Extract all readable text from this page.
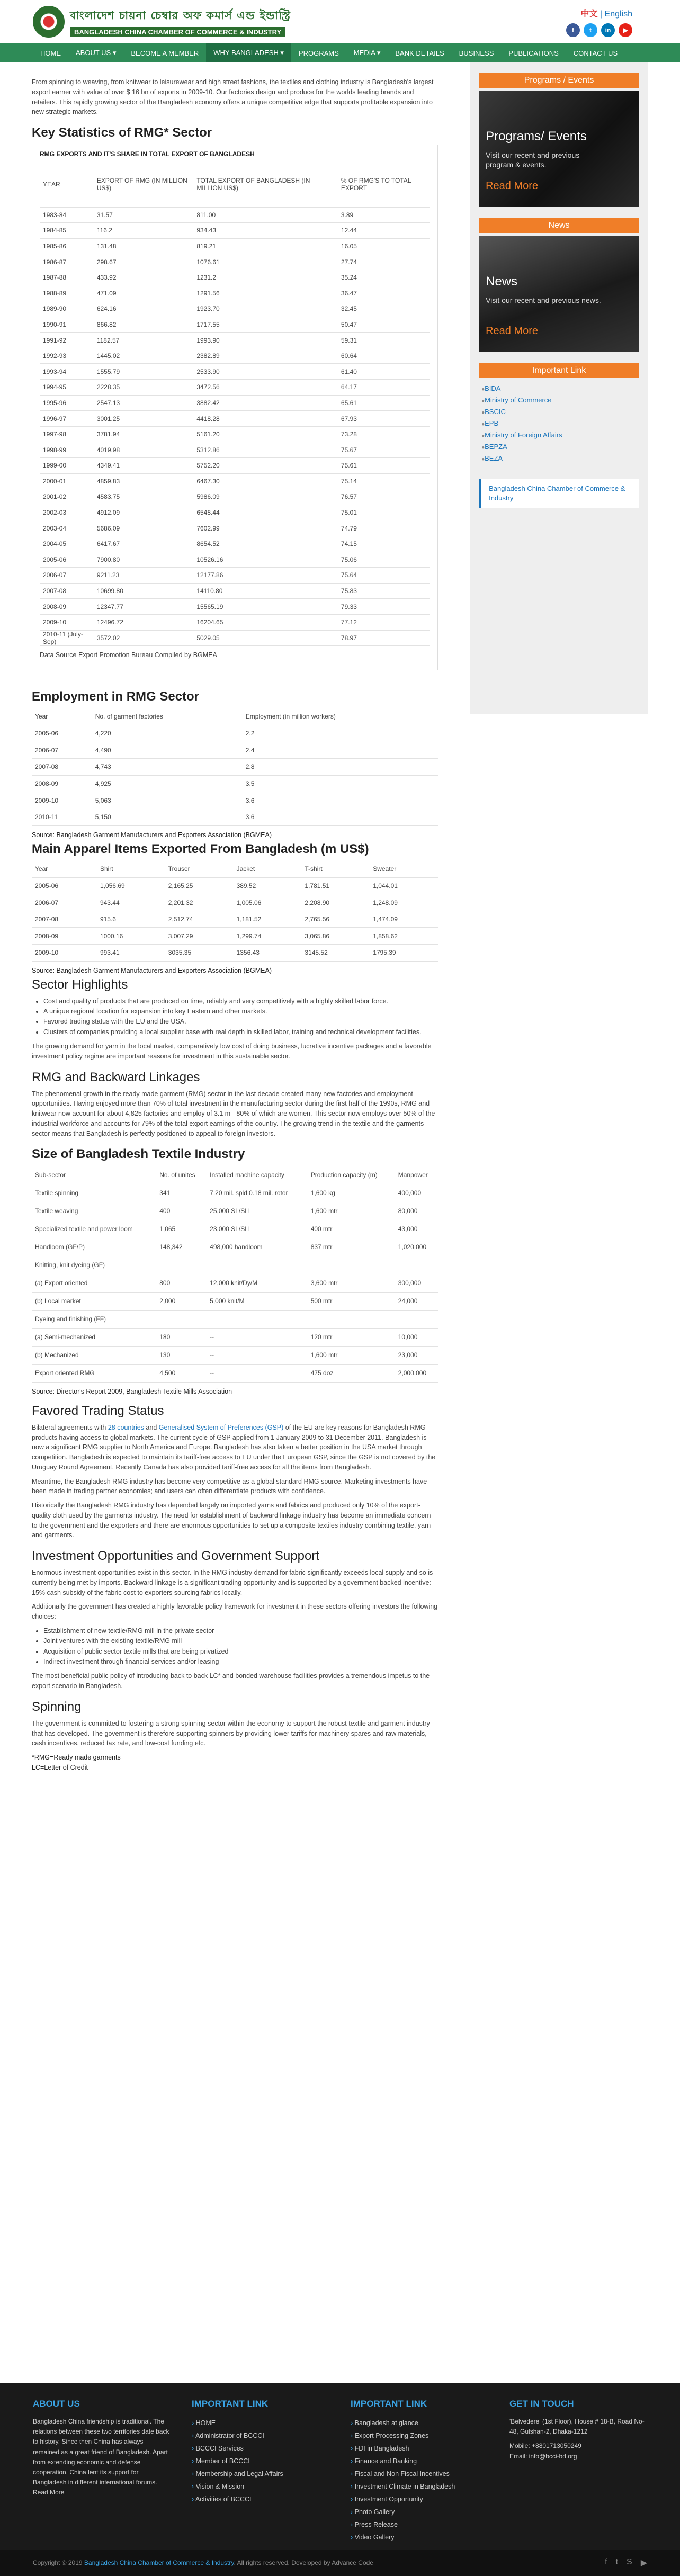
বাংলাদেশ চায়না চেম্বার অফ কমার্স এন্ড ইন্ডাস্ট্রি
BANGLADESH CHINA CHAMBER OF COMMERCE & INDUSTRY
中文 | English
f	t	in	▶
HOME	ABOUT US ▾	BECOME A MEMBER	WHY BANGLADESH ▾	PROGRAMS	MEDIA ▾	BANK DETAILS	BUSINESS	PUBLICATIONS	CONTACT US

From spinning to weaving, from knitwear to leisurewear and high street fashions, the textiles and clothing industry is Bangladesh's largest export earner with value of over $ 16 bn of exports in 2009-10. Our factories design and produce for the worlds leading brands and retailers. This rapidly growing sector of the Bangladesh economy offers a unique competitive edge that supports profitable expansion into new strategic markets.

Key Statistics of RMG* Sector
RMG EXPORTS AND IT'S SHARE IN TOTAL EXPORT OF BANGLADESH
YEAR	EXPORT OF RMG (IN MILLION US$)	TOTAL EXPORT OF BANGLADESH (IN MILLION US$)	% OF RMG'S TO TOTAL EXPORT
1983-84	31.57	811.00	3.89
1984-85	116.2	934.43	12.44
1985-86	131.48	819.21	16.05
1986-87	298.67	1076.61	27.74
1987-88	433.92	1231.2	35.24
1988-89	471.09	1291.56	36.47
1989-90	624.16	1923.70	32.45
1990-91	866.82	1717.55	50.47
1991-92	1182.57	1993.90	59.31
1992-93	1445.02	2382.89	60.64
1993-94	1555.79	2533.90	61.40
1994-95	2228.35	3472.56	64.17
1995-96	2547.13	3882.42	65.61
1996-97	3001.25	4418.28	67.93
1997-98	3781.94	5161.20	73.28
1998-99	4019.98	5312.86	75.67
1999-00	4349.41	5752.20	75.61
2000-01	4859.83	6467.30	75.14
2001-02	4583.75	5986.09	76.57
2002-03	4912.09	6548.44	75.01
2003-04	5686.09	7602.99	74.79
2004-05	6417.67	8654.52	74.15
2005-06	7900.80	10526.16	75.06
2006-07	9211.23	12177.86	75.64
2007-08	10699.80	14110.80	75.83
2008-09	12347.77	15565.19	79.33
2009-10	12496.72	16204.65	77.12
2010-11 (July-Sep)	3572.02	5029.05	78.97
Data Source Export Promotion Bureau Compiled by BGMEA
Employment in RMG Sector
Year	No. of garment factories	Employment (in million workers)
2005-06	4,220	2.2
2006-07	4,490	2.4
2007-08	4,743	2.8
2008-09	4,925	3.5
2009-10	5,063	3.6
2010-11	5,150	3.6
Source: Bangladesh Garment Manufacturers and Exporters Association (BGMEA)
Main Apparel Items Exported From Bangladesh (m US$)
Year	Shirt	Trouser	Jacket	T-shirt	Sweater
2005-06	1,056.69	2,165.25	389.52	1,781.51	1,044.01
2006-07	943.44	2,201.32	1,005.06	2,208.90	1,248.09
2007-08	915.6	2,512.74	1,181.52	2,765.56	1,474.09
2008-09	1000.16	3,007.29	1,299.74	3,065.86	1,858.62
2009-10	993.41	3035.35	1356.43	3145.52	1795.39
Source: Bangladesh Garment Manufacturers and Exporters Association (BGMEA)
Sector Highlights
• Cost and quality of products that are produced on time, reliably and very competitively with a highly skilled labor force.
• A unique regional location for expansion into key Eastern and other markets.
• Favored trading status with the EU and the USA.
• Clusters of companies providing a local supplier base with real depth in skilled labor, training and technical development facilities.

The growing demand for yarn in the local market, comparatively low cost of doing business, lucrative incentive packages and a favorable investment policy regime are important reasons for investment in this sustainable sector.

RMG and Backward Linkages

The phenomenal growth in the ready made garment (RMG) sector in the last decade created many new factories and employment opportunities. Having enjoyed more than 70% of total investment in the manufacturing sector during the first half of the 1990s, RMG and knitwear now account for about 4,825 factories and employ of 3.1 m - 80% of which are women. This sector now employs over 50% of the industrial workforce and accounts for 79% of the total export earnings of the country. The growing trend in the textile and the garments sector means that Bangladesh is perfectly positioned to appeal to foreign investors.

Size of Bangladesh Textile Industry
Sub-sector	No. of unites	Installed machine capacity	Production capacity (m)	Manpower
Textile spinning	341	7.20 mil. spld 0.18 mil. rotor	1,600 kg	400,000
Textile weaving	400	25,000 SL/SLL	1,600 mtr	80,000
Specialized textile and power loom	1,065	23,000 SL/SLL	400 mtr	43,000
Handloom (GF/P)	148,342	498,000 handloom	837 mtr	1,020,000
Knitting, knit dyeing (GF)				
(a) Export oriented	800	12,000 knit/Dy/M	3,600 mtr	300,000
(b) Local market	2,000	5,000 knit/M	500 mtr	24,000
Dyeing and finishing (FF)				
(a) Semi-mechanized	180	--	120 mtr	10,000
(b) Mechanized	130	--	1,600 mtr	23,000
Export oriented RMG	4,500	--	475 doz	2,000,000
Source: Director's Report 2009, Bangladesh Textile Mills Association
Favored Trading Status

Bilateral agreements with 28 countries and Generalised System of Preferences (GSP) of the EU are key reasons for Bangladesh RMG products having access to global markets. The current cycle of GSP applied from 1 January 2009 to 31 December 2011. Bangladesh is now a significant RMG supplier to North America and Europe. Bangladesh has also taken a better position in the USA market through competition. Bangladesh is expected to maintain its tariff-free access to EU under the European GSP, since the GSP is not covered by the Uruguay Round Agreement. Recently Canada has also provided tariff-free access for all the items from Bangladesh.

Meantime, the Bangladesh RMG industry has become very competitive as a global standard RMG source. Marketing investments have been made in trading partner economies; and users can often differentiate products with confidence.

Historically the Bangladesh RMG industry has depended largely on imported yarns and fabrics and produced only 10% of the export-quality cloth used by the garments industry. The need for establishment of backward linkage industry has become an immediate concern to the government and the exporters and there are enormous opportunities to set up a composite textiles industry combining textile, yarn and garments.

Investment Opportunities and Government Support

Enormous investment opportunities exist in this sector. In the RMG industry demand for fabric significantly exceeds local supply and so is currently being met by imports. Backward linkage is a significant trading opportunity and is supported by a government backed incentive: 15% cash subsidy of the fabric cost to exporters sourcing fabrics locally.

Additionally the government has created a highly favorable policy framework for investment in these sectors offering investors the following choices:

• Establishment of new textile/RMG mill in the private sector
• Joint ventures with the existing textile/RMG mill
• Acquisition of public sector textile mills that are being privatized
• Indirect investment through financial services and/or leasing

The most beneficial public policy of introducing back to back LC* and bonded warehouse facilities provides a tremendous impetus to the export scenario in Bangladesh.

Spinning

The government is committed to fostering a strong spinning sector within the economy to support the robust textile and garment industry that has developed. The government is therefore supporting spinners by providing lower tariffs for machinery spares and raw materials, cash incentives, reduced tax rate, and low-cost funding etc.

*RMG=Ready made garments

LC=Letter of Credit

Programs / Events
Programs/ Events
Visit our recent and previous program & events.
Read More
News
News
Visit our recent and previous news.
Read More
Important Link
● BIDA
● Ministry of Commerce
● BSCIC
● EPB
● Ministry of Foreign Affairs
● BEPZA
● BEZA
Bangladesh China Chamber of Commerce & Industry
ABOUT US
Bangladesh China friendship is traditional. The relations between these two territories date back to history. Since then China has always remained as a great friend of Bangladesh. Apart from extending economic and defense cooperation, China lent its support for Bangladesh in different international forums. Read More
IMPORTANT LINK
› HOME
› Administrator of BCCCI
› BCCCI Services
› Member of BCCCI
› Membership and Legal Affairs
› Vision & Mission
› Activities of BCCCI
IMPORTANT LINK
› Bangladesh at glance
› Export Processing Zones
› FDI in Bangladesh
› Finance and Banking
› Fiscal and Non Fiscal Incentives
› Investment Climate in Bangladesh
› Investment Opportunity
› Photo Gallery
› Press Release
› Video Gallery
GET IN TOUCH
'Belvedere' (1st Floor), House # 18-B, Road No-48, Gulshan-2, Dhaka-1212
Mobile: +8801713050249
Email: info@bcci-bd.org
Copyright © 2019 Bangladesh China Chamber of Commerce & Industry. All rights reserved. Developed by Advance Code	f t S ▶
